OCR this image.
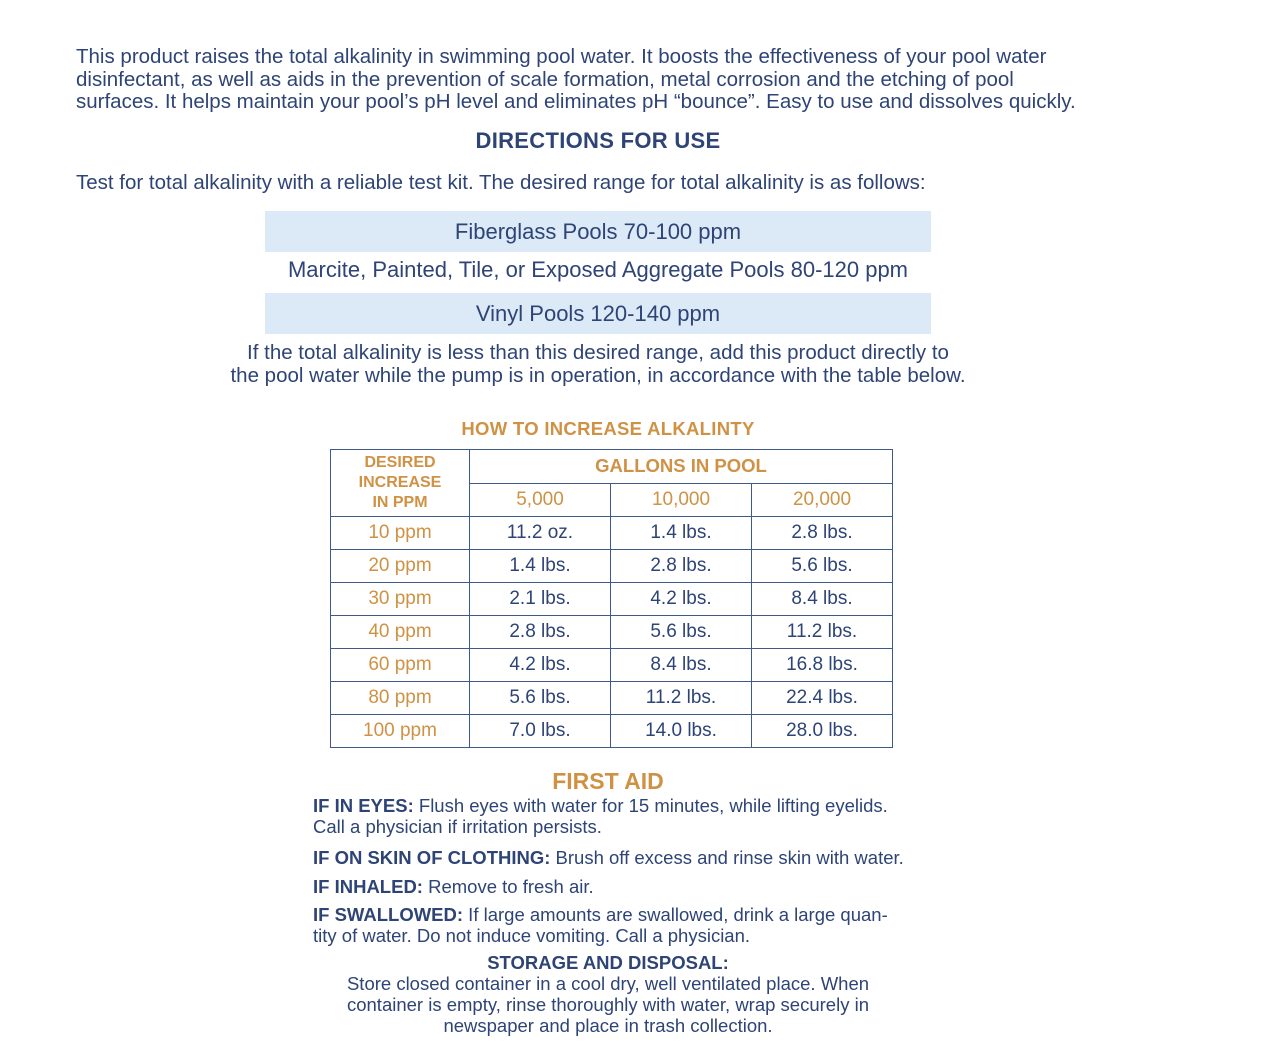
This product raises the total alkalinity in swimming pool water. It boosts the effectiveness of your pool water
disinfectant, as well as aids in the prevention of scale formation, metal corrosion and the etching of pool
surfaces. It helps maintain your pool’s pH level and eliminates pH “bounce”. Easy to use and dissolves quickly.

DIRECTIONS FOR USE
Test for total alkalinity with a reliable test kit. The desired range for total alkalinity is as follows:
Fiberglass Pools 70-100 ppm
Marcite, Painted, Tile, or Exposed Aggregate Pools 80-120 ppm
Vinyl Pools 120-140 ppm
If the total alkalinity is less than this desired range, add this product directly to
the pool water while the pump is in operation, in accordance with the table below.
HOW TO INCREASE ALKALINTY
DESIRED
INCREASE
IN PPM	GALLONS IN POOL		
	5,000	10,000	20,000
10 ppm	11.2 oz.	1.4 lbs.	2.8 lbs.
20 ppm	1.4 lbs.	2.8 lbs.	5.6 lbs.
30 ppm	2.1 lbs.	4.2 lbs.	8.4 lbs.
40 ppm	2.8 lbs.	5.6 lbs.	11.2 lbs.
60 ppm	4.2 lbs.	8.4 lbs.	16.8 lbs.
80 ppm	5.6 lbs.	11.2 lbs.	22.4 lbs.
100 ppm	7.0 lbs.	14.0 lbs.	28.0 lbs.
FIRST AID
IF IN EYES: Flush eyes with water for 15 minutes, while lifting eyelids.
Call a physician if irritation persists.
IF ON SKIN OF CLOTHING: Brush off excess and rinse skin with water.
IF INHALED: Remove to fresh air.
IF SWALLOWED: If large amounts are swallowed, drink a large quan-
tity of water. Do not induce vomiting. Call a physician.
STORAGE AND DISPOSAL:
Store closed container in a cool dry, well ventilated place. When
container is empty, rinse thoroughly with water, wrap securely in
newspaper and place in trash collection.
